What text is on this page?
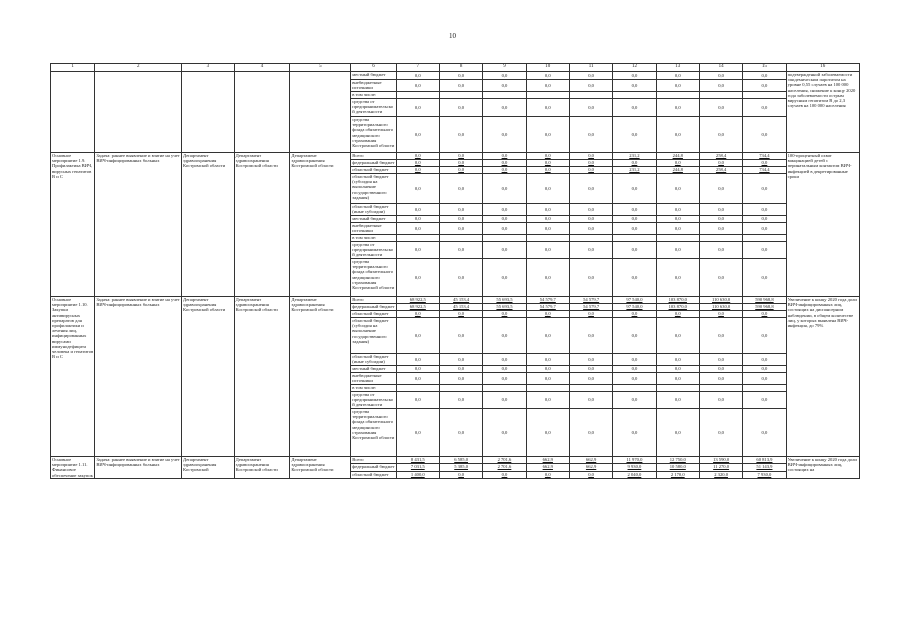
10
1	2	3	4	5	6	7	8	9	10	11	12	13	14	15	16
					местный бюджет	0,0	0,0	0,0	0,0	0,0	0,0	0,0	0,0	0,0	подтвержденной заболеваемости эпидемическим паротитом на уровне 0,55 случаев на 100 000 населения, снижение к концу 2020 года заболеваемости острым вирусным гепатитом В до 2,3 случаев на 100 000 населения
					внебюджетные источники	0,0	0,0	0,0	0,0	0,0	0,0	0,0	0,0	0,0	
					в том числе:										
					средства от предпринимательской деятельности	0,0	0,0	0,0	0,0	0,0	0,0	0,0	0,0	0,0	
					средства территориального фонда обязательного медицинского страхования Костромской области	0,0	0,0	0,0	0,0	0,0	0,0	0,0	0,0	0,0	
Основное мероприятие 1.9. Профилактика ВИЧ, вирусных гепатитов В и С	Задача: раннее выявление и взятие на учет ВИЧ-инфицированных больных	Департамент здравоохранения Костромской области	Департамент здравоохранения Костромской области	Департамент здравоохранения Костромской области	Всего	0,0	0,0	0,0	0,0	0,0	231,2	244,8	258,4	734,4	100-процентный охват вакцинацией детей с перинатальным контактом ВИЧ-инфекцией в декретированные сроки
					федеральный бюджет	0,0	0,0	0,0	0,0	0,0	0,0	0,0	0,0	0,0	
					областной бюджет	0,0	0,0	0,0	0,0	0,0	231,2	244,8	258,4	734,4	
					областной бюджет (субсидия на выполнение государственного задания)	0,0	0,0	0,0	0,0	0,0	0,0	0,0	0,0	0,0	
					областной бюджет (иные субсидии)	0,0	0,0	0,0	0,0	0,0	0,0	0,0	0,0	0,0	
					местный бюджет	0,0	0,0	0,0	0,0	0,0	0,0	0,0	0,0	0,0	
					внебюджетные источники	0,0	0,0	0,0	0,0	0,0	0,0	0,0	0,0	0,0	
					в том числе:										
					средства от предпринимательской деятельности	0,0	0,0	0,0	0,0	0,0	0,0	0,0	0,0	0,0	
					средства территориального фонда обязательного медицинского страхования Костромской области	0,0	0,0	0,0	0,0	0,0	0,0	0,0	0,0	0,0	
Основное мероприятие 1.10. Закупки антивирусных препаратов для профилактики и лечения лиц, инфицированных вирусами иммунодефицита человека и гепатитов В и С	Задача: раннее выявление и взятие на учет ВИЧ-инфицированных больных	Департамент здравоохранения Костромской области	Департамент здравоохранения Костромской области	Департамент здравоохранения Костромской области	Всего	68 922,5	45 153,4	55 693,5	54 579,7	54 579,7	97 540,0	103 870,0	110 630,0	590 968,8	Увеличение к концу 2020 года доли ВИЧ-инфицированных лиц, состоящих на диспансерном наблюдении, в общем количестве лиц, у которых выявлена ВИЧ-инфекция, до 79%
					федеральный бюджет	68 922,5	45 153,4	55 693,5	54 579,7	54 579,7	97 540,0	103 870,0	110 630,0	590 968,8	
					областной бюджет	0,0	0,0	0,0	0,0	0,0	0,0	0,0	0,0	0,0	
					областной бюджет (субсидия на выполнение государственного задания)	0,0	0,0	0,0	0,0	0,0	0,0	0,0	0,0	0,0	
					областной бюджет (иные субсидии)	0,0	0,0	0,0	0,0	0,0	0,0	0,0	0,0	0,0	
					местный бюджет	0,0	0,0	0,0	0,0	0,0	0,0	0,0	0,0	0,0	
					внебюджетные источники	0,0	0,0	0,0	0,0	0,0	0,0	0,0	0,0	0,0	
					в том числе:										
					средства от предпринимательской деятельности	0,0	0,0	0,0	0,0	0,0	0,0	0,0	0,0	0,0	
					средства территориального фонда обязательного медицинского страхования Костромской области	0,0	0,0	0,0	0,0	0,0	0,0	0,0	0,0	0,0	
Основное мероприятие 1.11. Финансовое обеспечение закупок	Задача: раннее выявление и взятие на учет ВИЧ-инфицированных больных	Департамент здравоохранения Костромской	Департамент здравоохранения Костромской области	Департамент здравоохранения Костромской области	Всего	8 431,5	6 585,0	2 701,6	662,9	662,9	11 970,0	12 750,0	13 590,0	60 813,9	Увеличение к концу 2020 года доли ВИЧ-инфицированных лиц, состоящих на
					федеральный бюджет	7 031,5	5 385,0	2 701,6	662,9	662,9	9 930,0	10 580,0	11 270,0	51 143,9	
					областной бюджет	1 400,0	0,0	0,0	0,0	0,0	2 040,0	2 170,0	2 320,0	7 930,0	
